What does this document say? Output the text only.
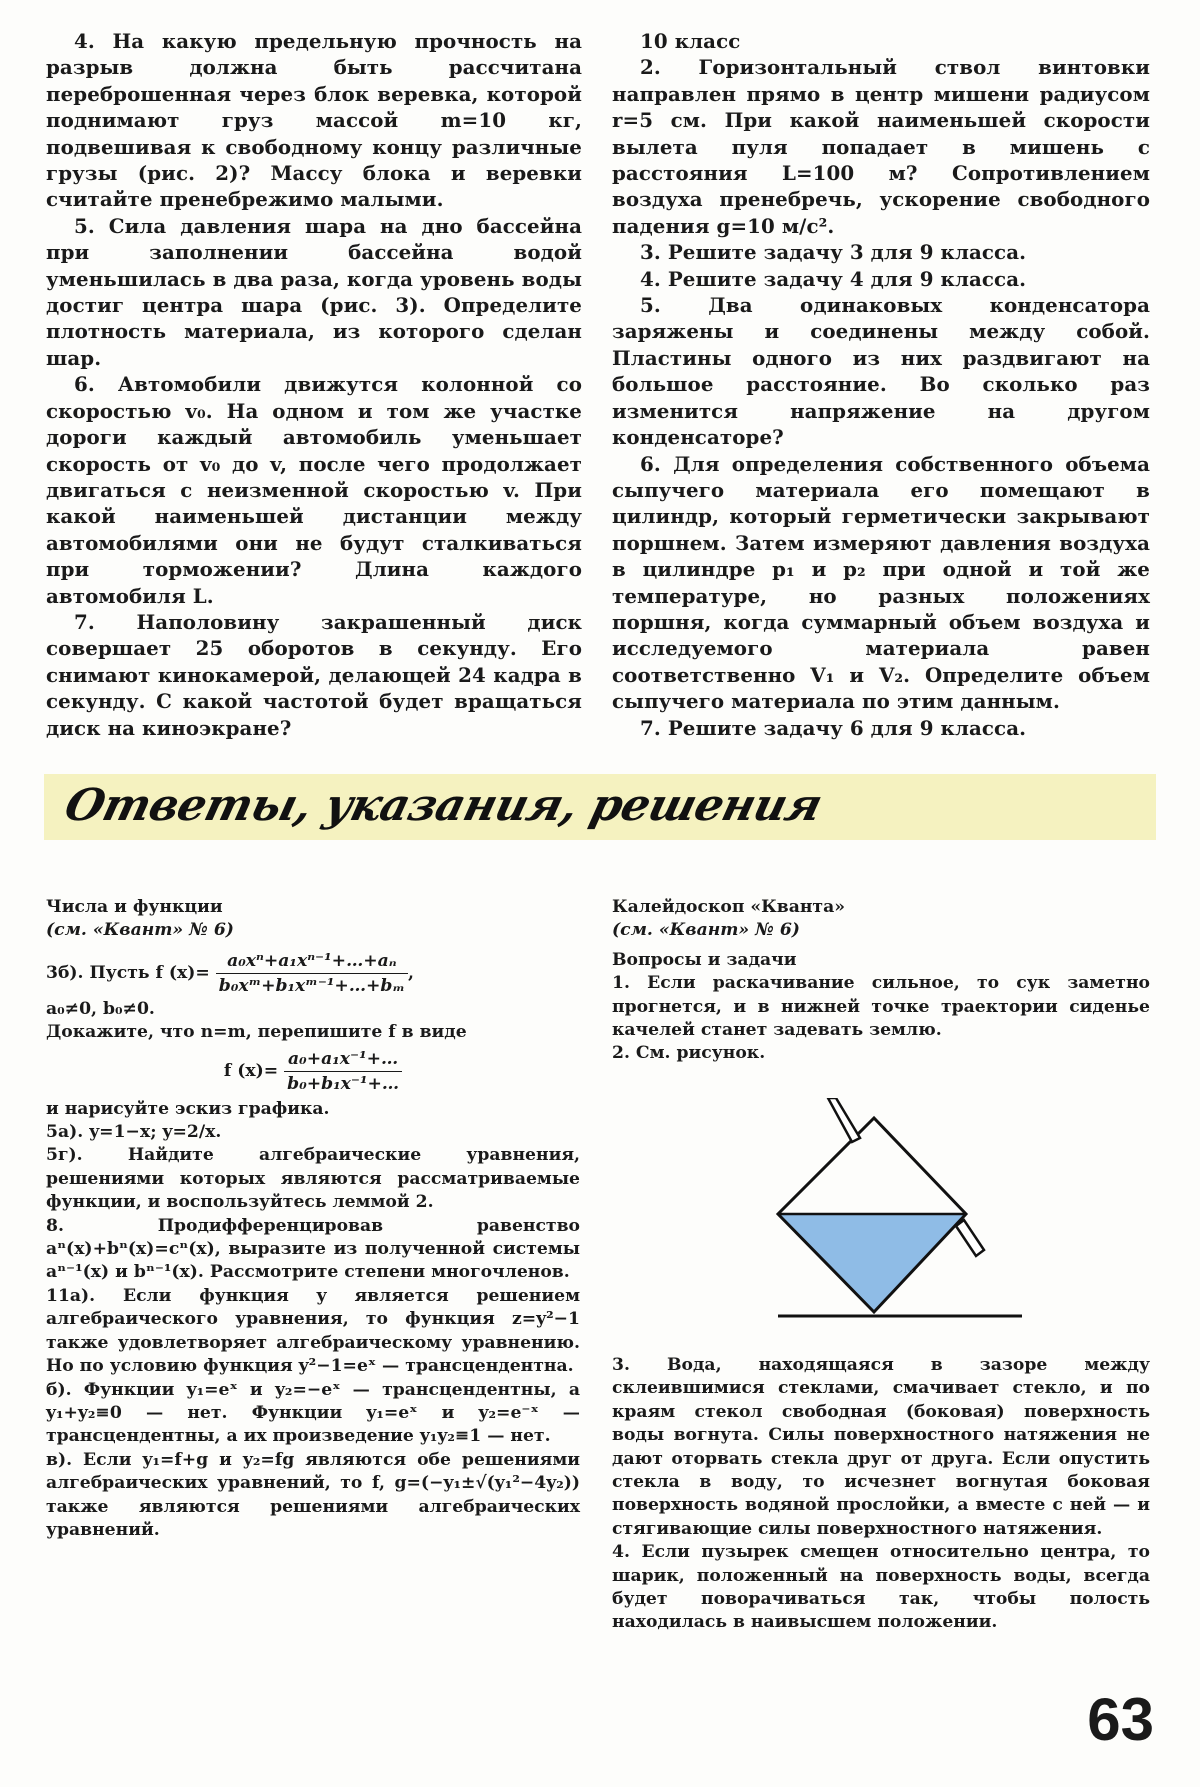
4. На какую предельную прочность на разрыв должна быть рассчитана переброшенная через блок веревка, которой поднимают груз массой m=10 кг, подвешивая к свободному концу различные грузы (рис. 2)? Массу блока и веревки считайте пренебрежимо малыми.

5. Сила давления шара на дно бассейна при заполнении бассейна водой уменьшилась в два раза, когда уровень воды достиг центра шара (рис. 3). Определите плотность материала, из которого сделан шар.

6. Автомобили движутся колонной со скоростью v₀. На одном и том же участке дороги каждый автомобиль уменьшает скорость от v₀ до v, после чего продолжает двигаться с неизменной скоростью v. При какой наименьшей дистанции между автомобилями они не будут сталкиваться при торможении? Длина каждого автомобиля L.

7. Наполовину закрашенный диск совершает 25 оборотов в секунду. Его снимают кинокамерой, делающей 24 кадра в секунду. С какой частотой будет вращаться диск на киноэкране?

10 класс

2. Горизонтальный ствол винтовки направлен прямо в центр мишени радиусом r=5 см. При какой наименьшей скорости вылета пуля попадает в мишень с расстояния L=100 м? Сопротивлением воздуха пренебречь, ускорение свободного падения g=10 м/с².

3. Решите задачу 3 для 9 класса.

4. Решите задачу 4 для 9 класса.

5. Два одинаковых конденсатора заряжены и соединены между собой. Пластины одного из них раздвигают на большое расстояние. Во сколько раз изменится напряжение на другом конденсаторе?

6. Для определения собственного объема сыпучего материала его помещают в цилиндр, который герметически закрывают поршнем. Затем измеряют давления воздуха в цилиндре p₁ и p₂ при одной и той же температуре, но разных положениях поршня, когда суммарный объем воздуха и исследуемого материала равен соответственно V₁ и V₂. Определите объем сыпучего материала по этим данным.

7. Решите задачу 6 для 9 класса.

Ответы, указания, решения

Числа и функции

(см. «Квант» № 6)

3б). Пусть f $(x)= \frac{\text{a₀xⁿ+a₁xⁿ⁻¹+…+aₙ}}{\text{b₀xᵐ+b₁xᵐ⁻¹+…+bₘ}}$ ,

a₀≠0, b₀≠0.

Докажите, что n=m, перепишите f в виде

f $(x)= \frac{\text{a₀+a₁x⁻¹+…}}{\text{b₀+b₁x⁻¹+…}}$

и нарисуйте эскиз графика.

5а). y=1−x; y=2/x.

5г). Найдите алгебраические уравнения, решениями которых являются рассматриваемые функции, и воспользуйтесь леммой 2.

8. Продифференцировав равенство aⁿ(x)+bⁿ(x)=cⁿ(x), выразите из полученной системы aⁿ⁻¹(x) и bⁿ⁻¹(x). Рассмотрите степени многочленов.

11а). Если функция y является решением алгебраического уравнения, то функция z=y²−1 также удовлетворяет алгебраическому уравнению. Но по условию функция y²−1=eˣ — трансцендентна.

б). Функции y₁=eˣ и y₂=−eˣ — трансцендентны, а y₁+y₂≡0 — нет. Функции y₁=eˣ и y₂=e⁻ˣ — трансцендентны, а их произведение y₁y₂≡1 — нет.

в). Если y₁=f+g и y₂=fg являются обе решениями алгебраических уравнений, то f, g=(−y₁±√(y₁²−4y₂)) также являются решениями алгебраических уравнений.

Калейдоскоп «Кванта»

(см. «Квант» № 6)

Вопросы и задачи

1. Если раскачивание сильное, то сук заметно прогнется, и в нижней точке траектории сиденье качелей станет задевать землю.

2. См. рисунок.

3. Вода, находящаяся в зазоре между склеившимися стеклами, смачивает стекло, и по краям стекол свободная (боковая) поверхность воды вогнута. Силы поверхностного натяжения не дают оторвать стекла друг от друга. Если опустить стекла в воду, то исчезнет вогнутая боковая поверхность водяной прослойки, а вместе с ней — и стягивающие силы поверхностного натяжения.

4. Если пузырек смещен относительно центра, то шарик, положенный на поверхность воды, всегда будет поворачиваться так, чтобы полость находилась в наивысшем положении.

63
